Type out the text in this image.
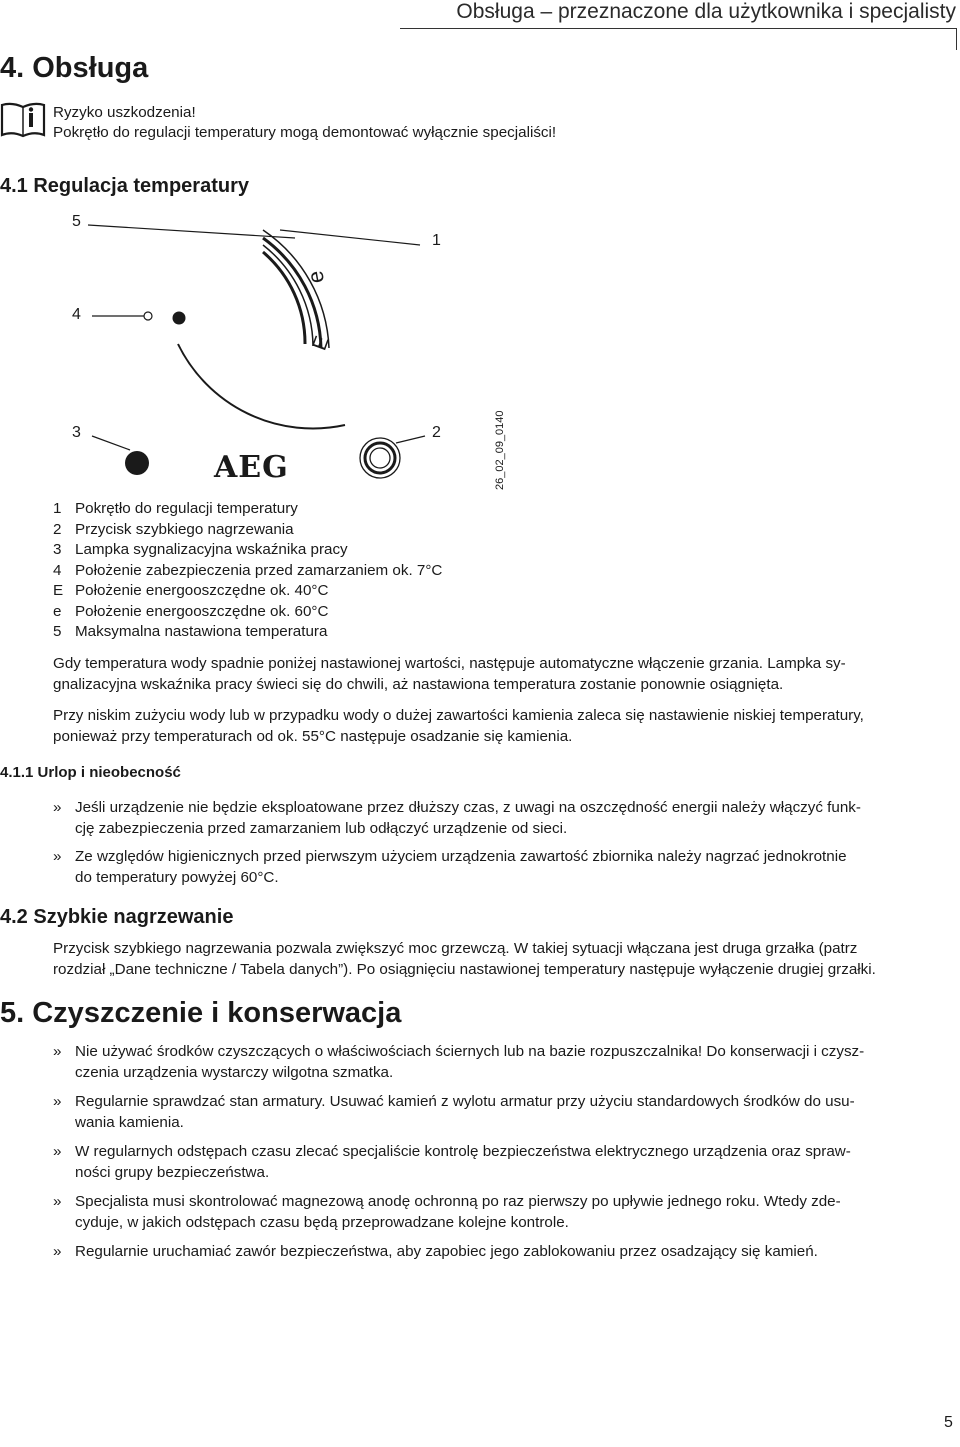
Obsługa – przeznaczone dla użytkownika i specjalisty
4. Obsługa
Ryzyko uszkodzenia!
Pokrętło do regulacji temperatury mogą demontować wyłącznie specjaliści!
4.1 Regulacja temperatury
5
1
4
3	2
e
E
AEG	26_02_09_0140
1 Pokrętło do regulacji temperatury
2 Przycisk szybkiego nagrzewania
3 Lampka sygnalizacyjna wskaźnika pracy
4 Położenie zabezpieczenia przed zamarzaniem ok. 7°C
E Położenie energooszczędne ok. 40°C
e Położenie energooszczędne ok. 60°C
5 Maksymalna nastawiona temperatura
Gdy temperatura wody spadnie poniżej nastawionej wartości, następuje automatyczne włączenie grzania. Lampka sy-
gnalizacyjna wskaźnika pracy świeci się do chwili, aż nastawiona temperatura zostanie ponownie osiągnięta.
Przy niskim zużyciu wody lub w przypadku wody o dużej zawartości kamienia zaleca się nastawienie niskiej temperatury,
ponieważ przy temperaturach od ok. 55°C następuje osadzanie się kamienia.
4.1.1 Urlop i nieobecność
» Jeśli urządzenie nie będzie eksploatowane przez dłuższy czas, z uwagi na oszczędność energii należy włączyć funk-
cję zabezpieczenia przed zamarzaniem lub odłączyć urządzenie od sieci.
» Ze względów higienicznych przed pierwszym użyciem urządzenia zawartość zbiornika należy nagrzać jednokrotnie
do temperatury powyżej 60°C.
4.2 Szybkie nagrzewanie
Przycisk szybkiego nagrzewania pozwala zwiększyć moc grzewczą. W takiej sytuacji włączana jest druga grzałka (patrz
rozdział „Dane techniczne / Tabela danych”). Po osiągnięciu nastawionej temperatury następuje wyłączenie drugiej grzałki.
5. Czyszczenie i konserwacja
» Nie używać środków czyszczących o właściwościach ściernych lub na bazie rozpuszczalnika! Do konserwacji i czysz-
czenia urządzenia wystarczy wilgotna szmatka.
» Regularnie sprawdzać stan armatury. Usuwać kamień z wylotu armatur przy użyciu standardowych środków do usu-
wania kamienia.
» W regularnych odstępach czasu zlecać specjaliście kontrolę bezpieczeństwa elektrycznego urządzenia oraz spraw-
ności grupy bezpieczeństwa.
» Specjalista musi skontrolować magnezową anodę ochronną po raz pierwszy po upływie jednego roku. Wtedy zde-
cyduje, w jakich odstępach czasu będą przeprowadzane kolejne kontrole.
» Regularnie uruchamiać zawór bezpieczeństwa, aby zapobiec jego zablokowaniu przez osadzający się kamień.
5
